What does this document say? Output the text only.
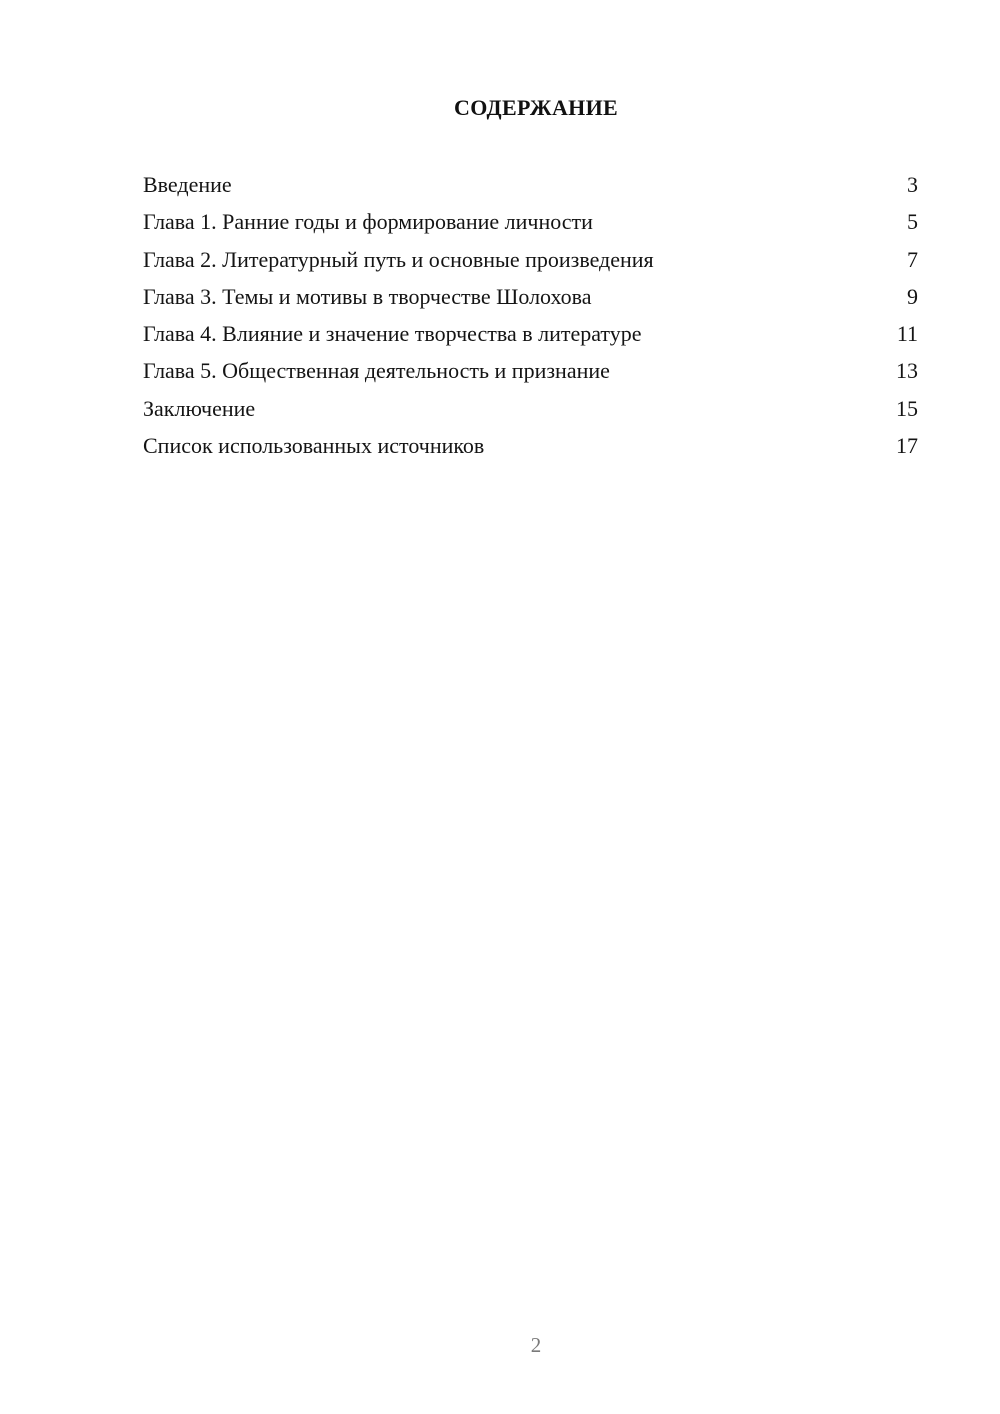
СОДЕРЖАНИЕ
Введение	3
Глава 1. Ранние годы и формирование личности	5
Глава 2. Литературный путь и основные произведения	7
Глава 3. Темы и мотивы в творчестве Шолохова	9
Глава 4. Влияние и значение творчества в литературе	11
Глава 5. Общественная деятельность и признание	13
Заключение	15
Список использованных источников	17
2
